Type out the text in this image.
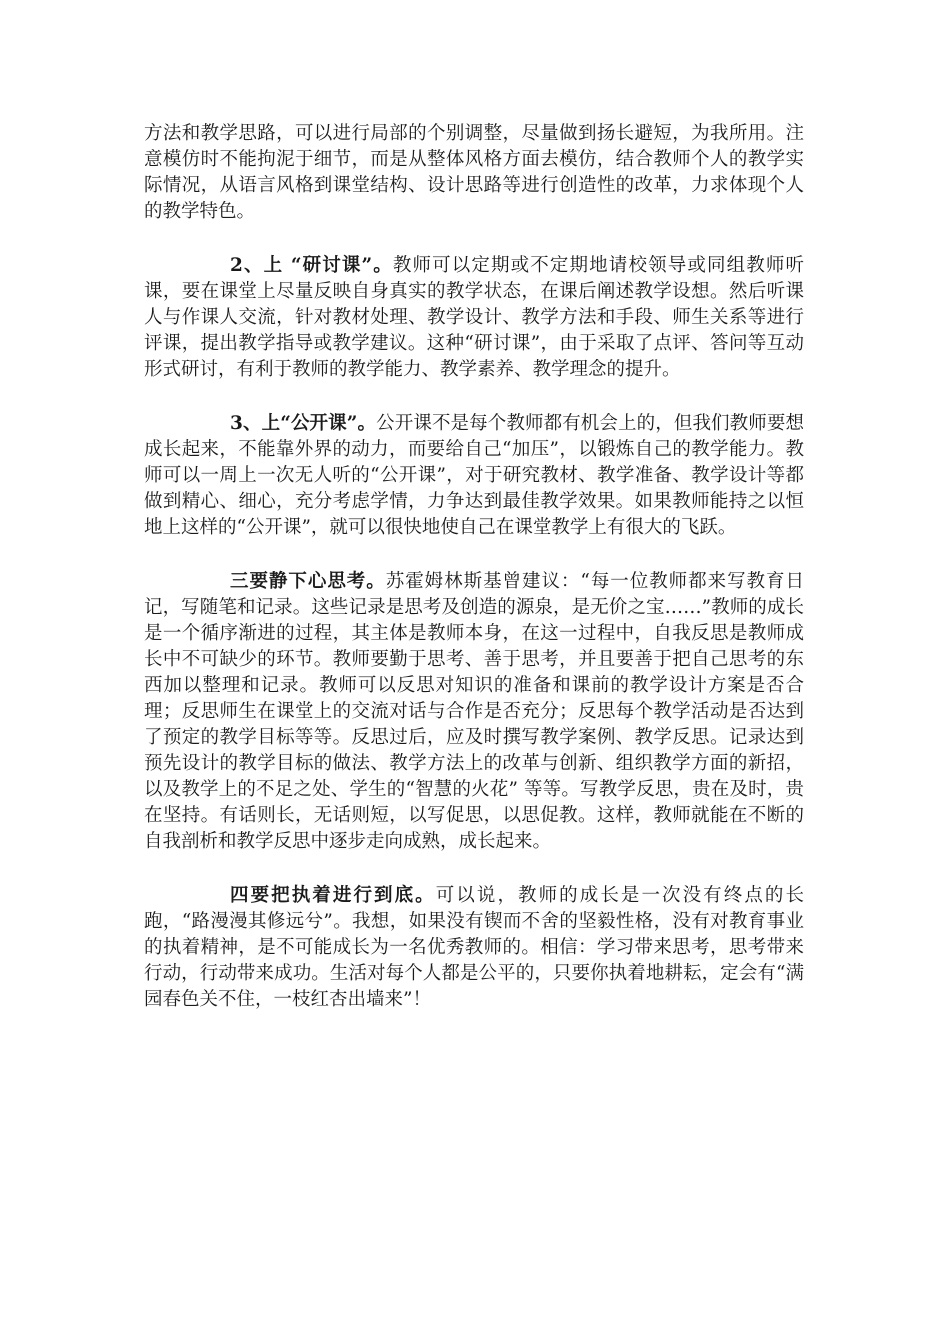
方法和教学思路，可以进行局部的个别调整，尽量做到扬长避短，为我所用。注意模仿时不能拘泥于细节，而是从整体风格方面去模仿，结合教师个人的教学实际情况，从语言风格到课堂结构、设计思路等进行创造性的改革，力求体现个人的教学特色。

2、上 “研讨课”。教师可以定期或不定期地请校领导或同组教师听课，要在课堂上尽量反映自身真实的教学状态，在课后阐述教学设想。然后听课人与作课人交流，针对教材处理、教学设计、教学方法和手段、师生关系等进行评课，提出教学指导或教学建议。这种“研讨课”，由于采取了点评、答问等互动形式研讨，有利于教师的教学能力、教学素养、教学理念的提升。

3、上“公开课”。公开课不是每个教师都有机会上的，但我们教师要想成长起来，不能靠外界的动力，而要给自己“加压”，以锻炼自己的教学能力。教师可以一周上一次无人听的“公开课”，对于研究教材、教学准备、教学设计等都做到精心、细心，充分考虑学情，力争达到最佳教学效果。如果教师能持之以恒地上这样的“公开课”，就可以很快地使自己在课堂教学上有很大的飞跃。

三要静下心思考。苏霍姆林斯基曾建议：“每一位教师都来写教育日记，写随笔和记录。这些记录是思考及创造的源泉，是无价之宝……”教师的成长是一个循序渐进的过程，其主体是教师本身，在这一过程中，自我反思是教师成长中不可缺少的环节。教师要勤于思考、善于思考，并且要善于把自己思考的东西加以整理和记录。教师可以反思对知识的准备和课前的教学设计方案是否合理；反思师生在课堂上的交流对话与合作是否充分；反思每个教学活动是否达到了预定的教学目标等等。反思过后，应及时撰写教学案例、教学反思。记录达到预先设计的教学目标的做法、教学方法上的改革与创新、组织教学方面的新招，以及教学上的不足之处、学生的“智慧的火花” 等等。写教学反思，贵在及时，贵在坚持。有话则长，无话则短，以写促思，以思促教。这样，教师就能在不断的自我剖析和教学反思中逐步走向成熟，成长起来。

四要把执着进行到底。可以说，教师的成长是一次没有终点的长跑，“路漫漫其修远兮”。我想，如果没有锲而不舍的坚毅性格，没有对教育事业的执着精神，是不可能成长为一名优秀教师的。相信：学习带来思考，思考带来行动，行动带来成功。生活对每个人都是公平的，只要你执着地耕耘，定会有“满园春色关不住，一枝红杏出墙来”！
